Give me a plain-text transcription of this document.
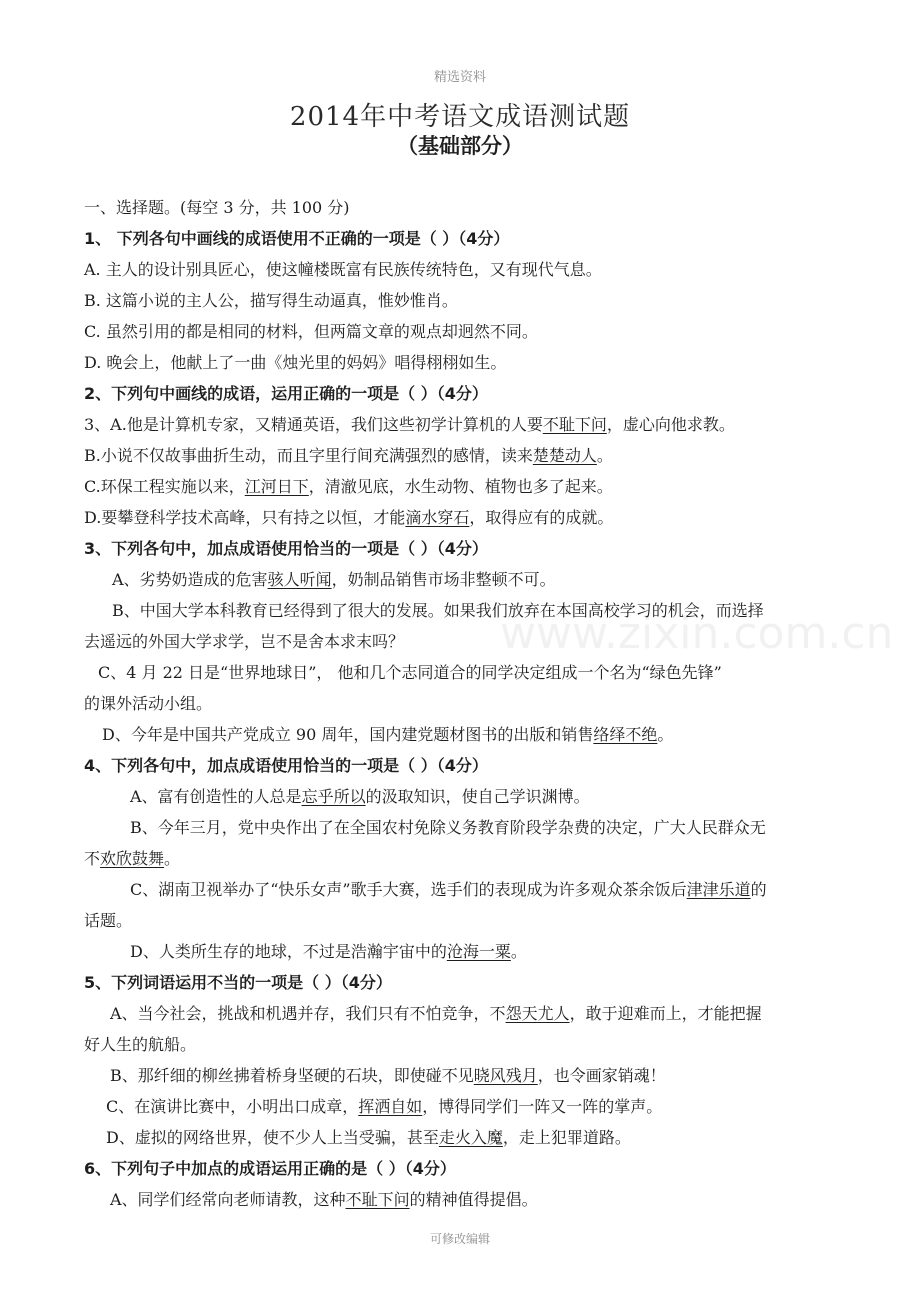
精选资料
www.zixin.com.cn
2014年中考语文成语测试题
（基础部分）
一、选择题。(每空 3 分，共 100 分)
1、 下列各句中画线的成语使用不正确的一项是（ ）（4分）
A. 主人的设计别具匠心，使这幢楼既富有民族传统特色，又有现代气息。
B. 这篇小说的主人公，描写得生动逼真，惟妙惟肖。
C. 虽然引用的都是相同的材料，但两篇文章的观点却迥然不同。
D. 晚会上，他献上了一曲《烛光里的妈妈》唱得栩栩如生。
2、下列句中画线的成语，运用正确的一项是（ ）（4分）
3、A.他是计算机专家，又精通英语，我们这些初学计算机的人要不耻下问，虚心向他求教。
B.小说不仅故事曲折生动，而且字里行间充满强烈的感情，读来楚楚动人。
C.环保工程实施以来，江河日下，清澈见底，水生动物、植物也多了起来。
D.要攀登科学技术高峰，只有持之以恒，才能滴水穿石，取得应有的成就。
3、下列各句中，加点成语使用恰当的一项是（ ）（4分）
A、劣势奶造成的危害骇人听闻，奶制品销售市场非整顿不可。
B、中国大学本科教育已经得到了很大的发展。如果我们放弃在本国高校学习的机会，而选择
去遥远的外国大学求学，岂不是舍本求末吗？
C、4 月 22 日是“世界地球日”， 他和几个志同道合的同学决定组成一个名为“绿色先锋”
的课外活动小组。
D、今年是中国共产党成立 90 周年，国内建党题材图书的出版和销售络绎不绝。
4、下列各句中，加点成语使用恰当的一项是（ ）（4分）
A、富有创造性的人总是忘乎所以的汲取知识，使自己学识渊博。
B、今年三月，党中央作出了在全国农村免除义务教育阶段学杂费的决定，广大人民群众无
不欢欣鼓舞。
C、湖南卫视举办了“快乐女声”歌手大赛，选手们的表现成为许多观众茶余饭后津津乐道的
话题。
D、人类所生存的地球，不过是浩瀚宇宙中的沧海一粟。
5、下列词语运用不当的一项是（ ）（4分）
A、当今社会，挑战和机遇并存，我们只有不怕竞争，不怨天尤人，敢于迎难而上，才能把握
好人生的航船。
B、那纤细的柳丝拂着桥身坚硬的石块，即使碰不见晓风残月，也令画家销魂！
C、在演讲比赛中，小明出口成章，挥洒自如，博得同学们一阵又一阵的掌声。
D、虚拟的网络世界，使不少人上当受骗，甚至走火入魔，走上犯罪道路。
6、下列句子中加点的成语运用正确的是（ ）（4分）
A、同学们经常向老师请教，这种不耻下问的精神值得提倡。
可修改编辑
